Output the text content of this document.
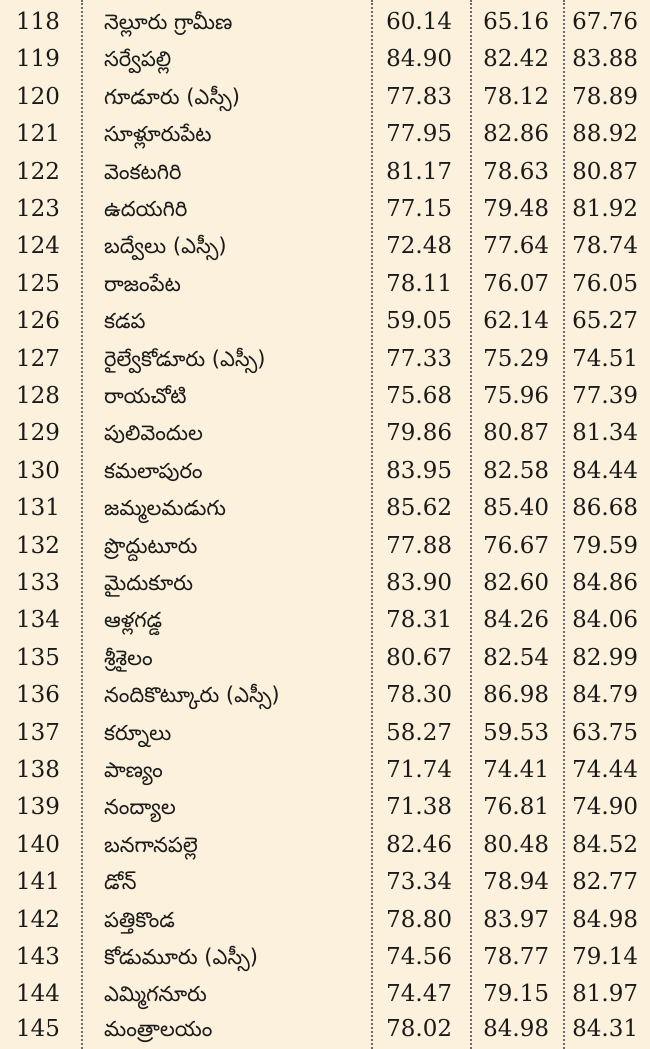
118	నెల్లూరు గ్రామీణ	60.14	65.16	67.76
119	సర్వేపల్లి	84.90	82.42	83.88
120	గూడూరు (ఎస్సీ)	77.83	78.12	78.89
121	సూళ్లూరుపేట	77.95	82.86	88.92
122	వెంకటగిరి	81.17	78.63	80.87
123	ఉదయగిరి	77.15	79.48	81.92
124	బద్వేలు (ఎస్సీ)	72.48	77.64	78.74
125	రాజంపేట	78.11	76.07	76.05
126	కడప	59.05	62.14	65.27
127	రైల్వేకోడూరు (ఎస్సీ)	77.33	75.29	74.51
128	రాయచోటి	75.68	75.96	77.39
129	పులివెందుల	79.86	80.87	81.34
130	కమలాపురం	83.95	82.58	84.44
131	జమ్మలమడుగు	85.62	85.40	86.68
132	ప్రొద్దుటూరు	77.88	76.67	79.59
133	మైదుకూరు	83.90	82.60	84.86
134	ఆళ్లగడ్డ	78.31	84.26	84.06
135	శ్రీశైలం	80.67	82.54	82.99
136	నందికొట్కూరు (ఎస్సీ)	78.30	86.98	84.79
137	కర్నూలు	58.27	59.53	63.75
138	పాణ్యం	71.74	74.41	74.44
139	నంద్యాల	71.38	76.81	74.90
140	బనగానపల్లె	82.46	80.48	84.52
141	డోన్	73.34	78.94	82.77
142	పత్తికొండ	78.80	83.97	84.98
143	కోడుమూరు (ఎస్సీ)	74.56	78.77	79.14
144	ఎమ్మిగనూరు	74.47	79.15	81.97
145	మంత్రాలయం	78.02	84.98	84.31
